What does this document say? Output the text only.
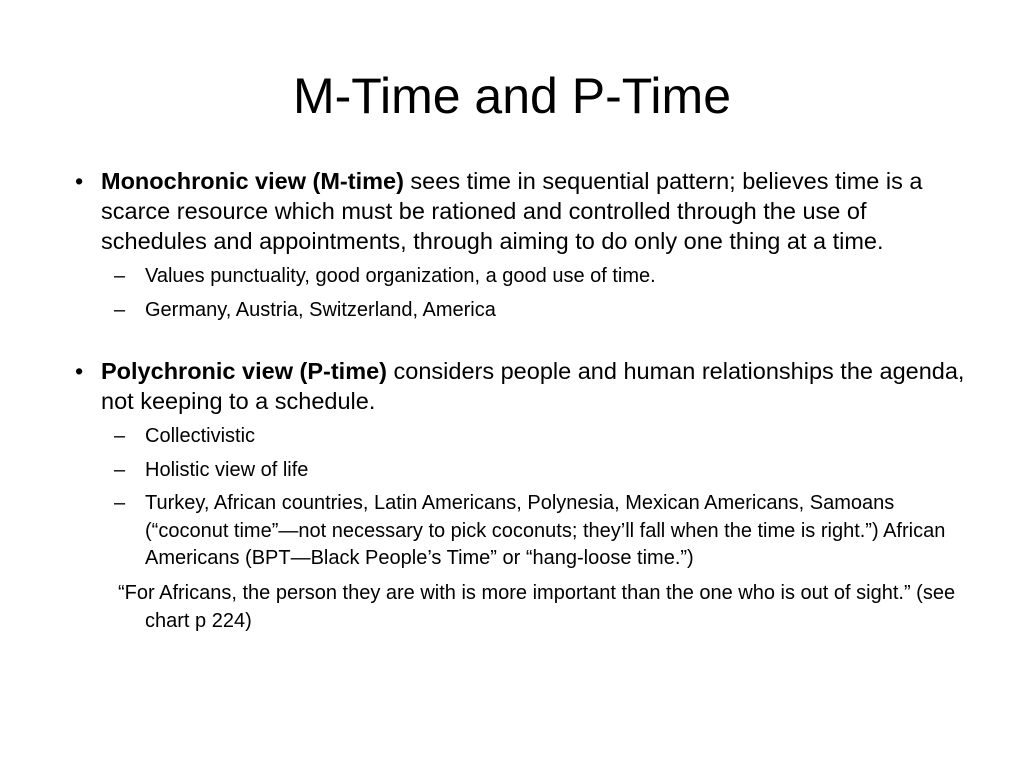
M-Time and P-Time
• Monochronic view (M-time) sees time in sequential pattern; believes time is a scarce resource which must be rationed and controlled through the use of schedules and appointments, through aiming to do only one thing at a time.
– Values punctuality, good organization, a good use of time.
– Germany, Austria, Switzerland, America
• Polychronic view (P-time) considers people and human relationships the agenda, not keeping to a schedule.
– Collectivistic
– Holistic view of life
– Turkey, African countries, Latin Americans, Polynesia, Mexican Americans, Samoans (“coconut time”—not necessary to pick coconuts; they’ll fall when the time is right.”) African Americans (BPT—Black People’s Time” or “hang-loose time.”)
“For Africans, the person they are with is more important than the one who is out of sight.” (see chart p 224)
